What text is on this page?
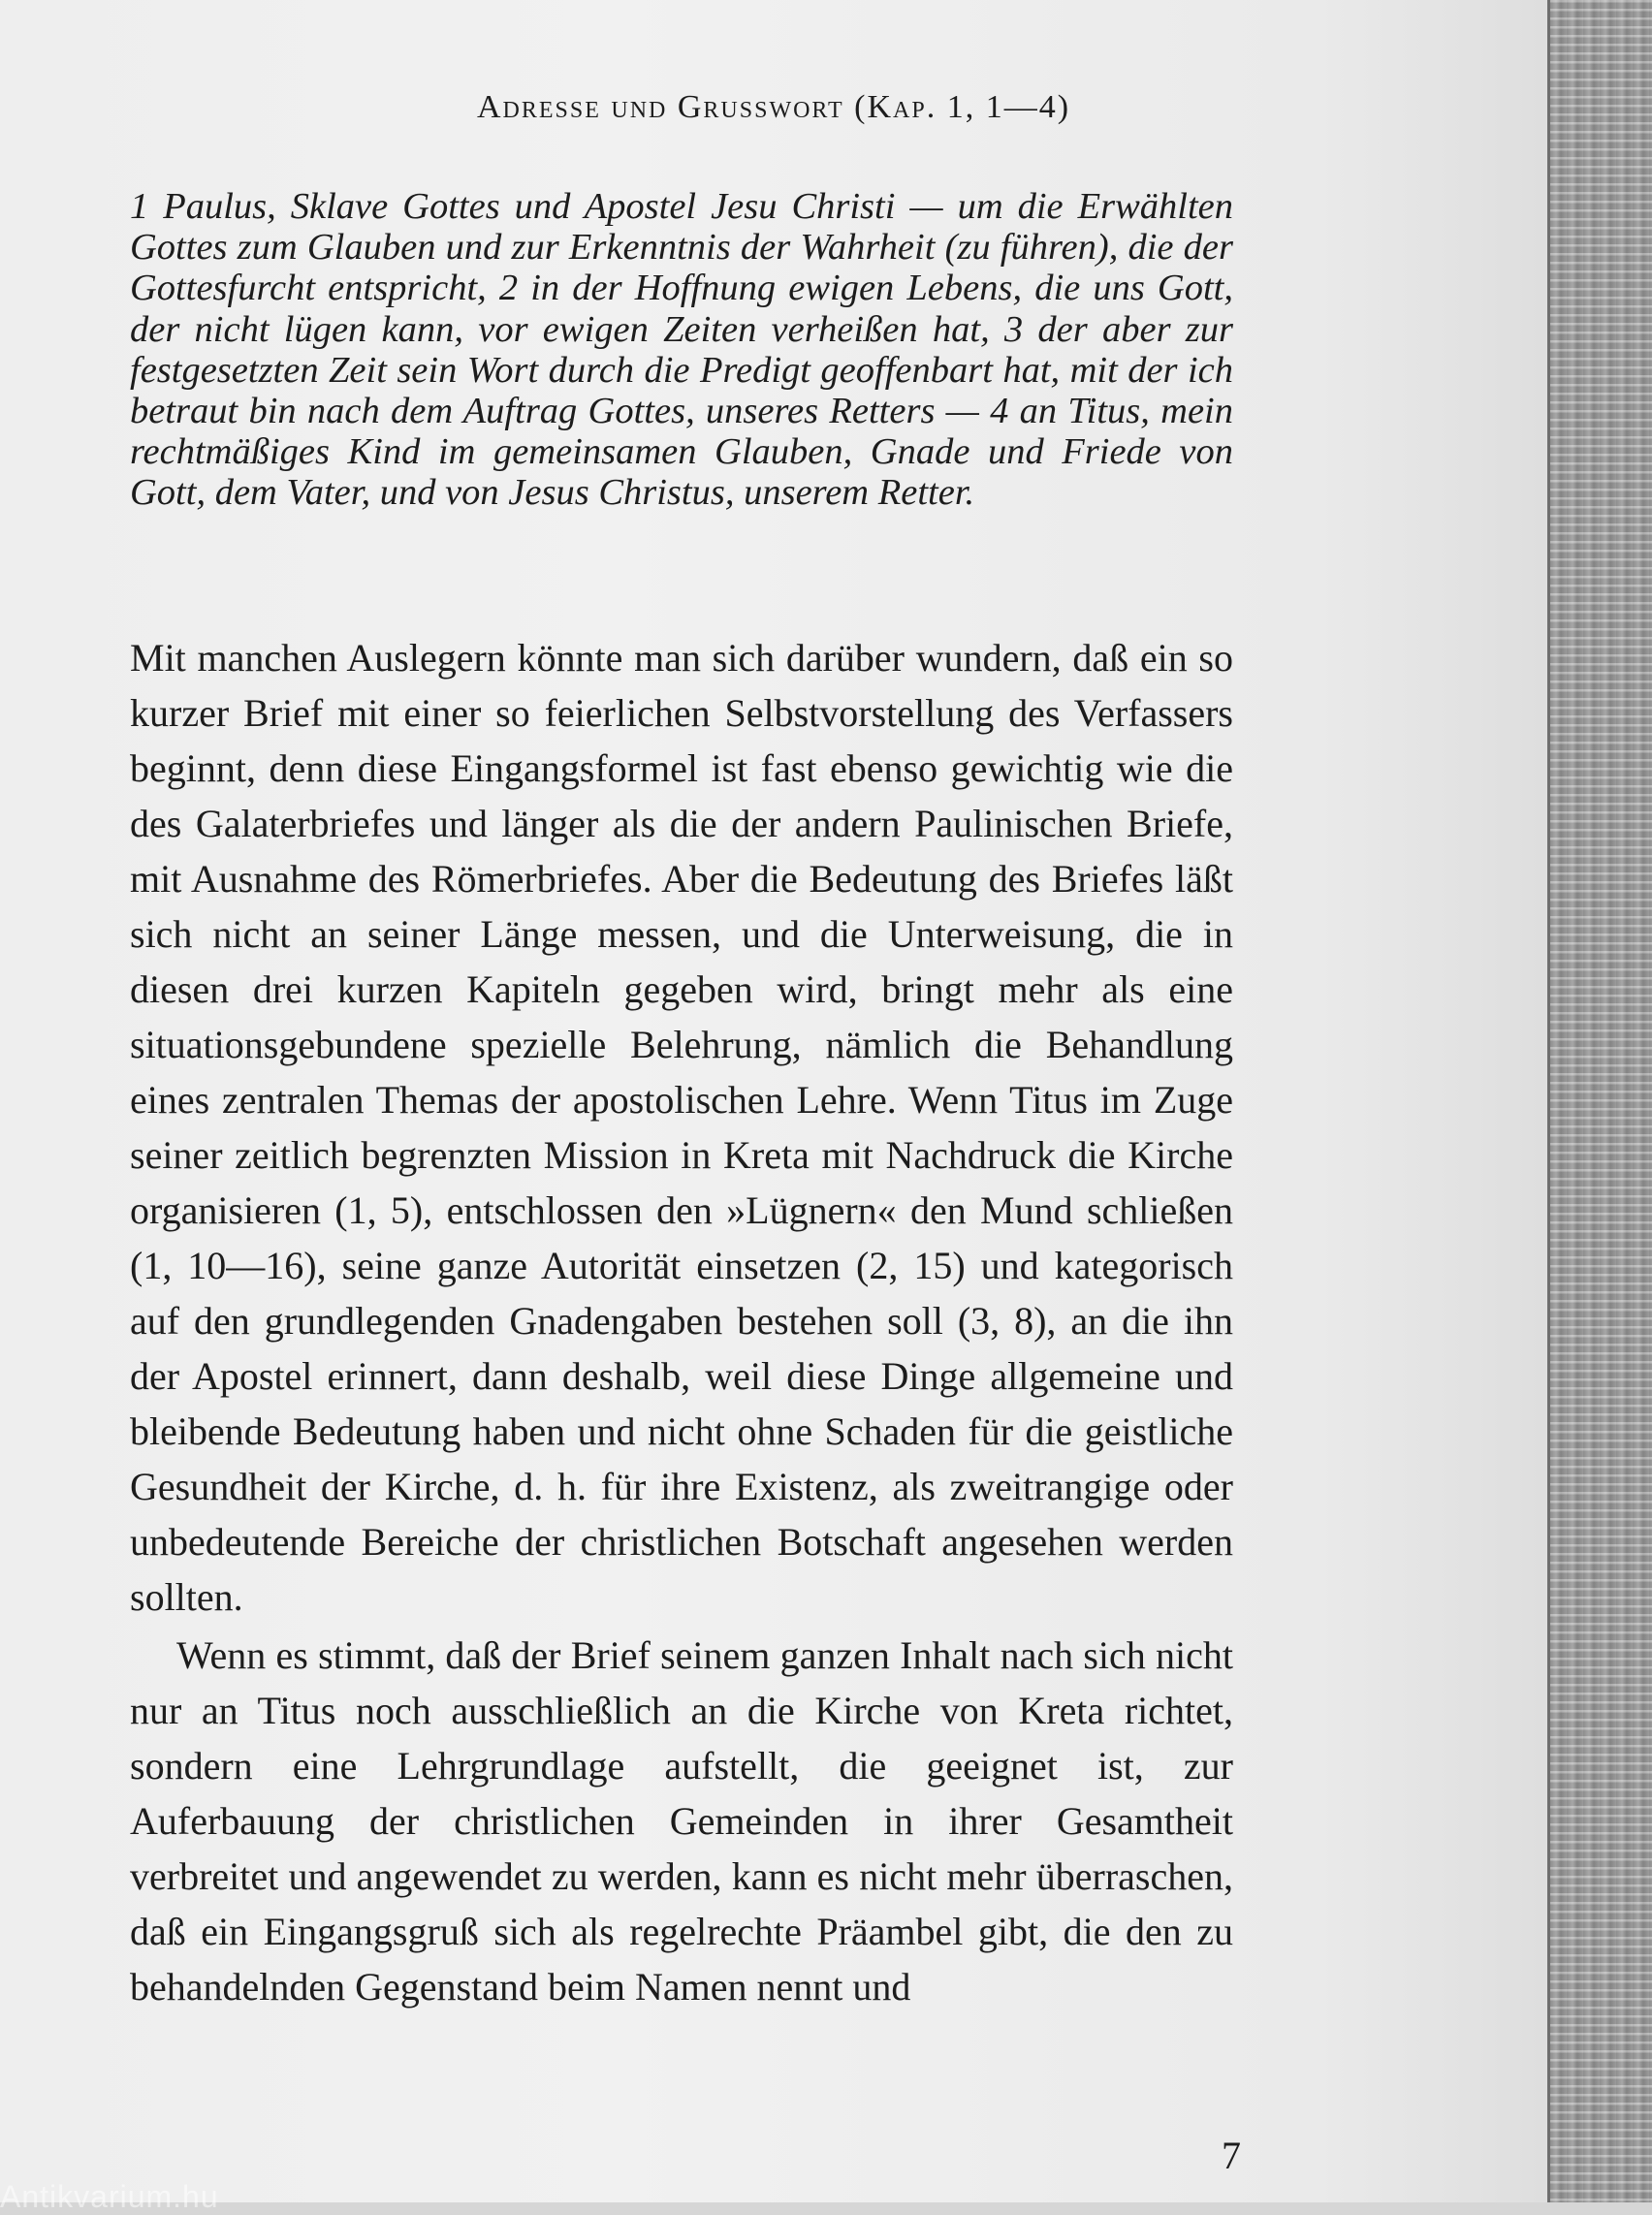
Adresse und Grusswort (Kap. 1, 1—4)

1 Paulus, Sklave Gottes und Apostel Jesu Christi — um die Erwählten Gottes zum Glauben und zur Erkenntnis der Wahrheit (zu führen), die der Gottesfurcht entspricht, 2 in der Hoffnung ewigen Lebens, die uns Gott, der nicht lügen kann, vor ewigen Zeiten verheißen hat, 3 der aber zur festgesetzten Zeit sein Wort durch die Predigt geoffenbart hat, mit der ich betraut bin nach dem Auftrag Gottes, unseres Retters — 4 an Titus, mein rechtmäßiges Kind im gemeinsamen Glauben, Gnade und Friede von Gott, dem Vater, und von Jesus Christus, unserem Retter.

Mit manchen Auslegern könnte man sich darüber wundern, daß ein so kurzer Brief mit einer so feierlichen Selbstvorstellung des Verfassers beginnt, denn diese Eingangsformel ist fast ebenso gewichtig wie die des Galaterbriefes und länger als die der andern Paulinischen Briefe, mit Ausnahme des Römerbriefes. Aber die Bedeutung des Briefes läßt sich nicht an seiner Länge messen, und die Unterweisung, die in diesen drei kurzen Kapiteln gegeben wird, bringt mehr als eine situationsgebundene spezielle Belehrung, nämlich die Behandlung eines zentralen Themas der apostolischen Lehre. Wenn Titus im Zuge seiner zeitlich begrenzten Mission in Kreta mit Nachdruck die Kirche organisieren (1, 5), entschlossen den »Lügnern« den Mund schließen (1, 10—16), seine ganze Autorität einsetzen (2, 15) und kategorisch auf den grundlegenden Gnadengaben bestehen soll (3, 8), an die ihn der Apostel erinnert, dann deshalb, weil diese Dinge allgemeine und bleibende Bedeutung haben und nicht ohne Schaden für die geistliche Gesundheit der Kirche, d. h. für ihre Existenz, als zweitrangige oder unbedeutende Bereiche der christlichen Botschaft angesehen werden sollten.

Wenn es stimmt, daß der Brief seinem ganzen Inhalt nach sich nicht nur an Titus noch ausschließlich an die Kirche von Kreta richtet, sondern eine Lehrgrundlage aufstellt, die geeignet ist, zur Auferbauung der christlichen Gemeinden in ihrer Gesamtheit verbreitet und angewendet zu werden, kann es nicht mehr überraschen, daß ein Eingangsgruß sich als regelrechte Präambel gibt, die den zu behandelnden Gegenstand beim Namen nennt und

7
Antikvarium.hu
